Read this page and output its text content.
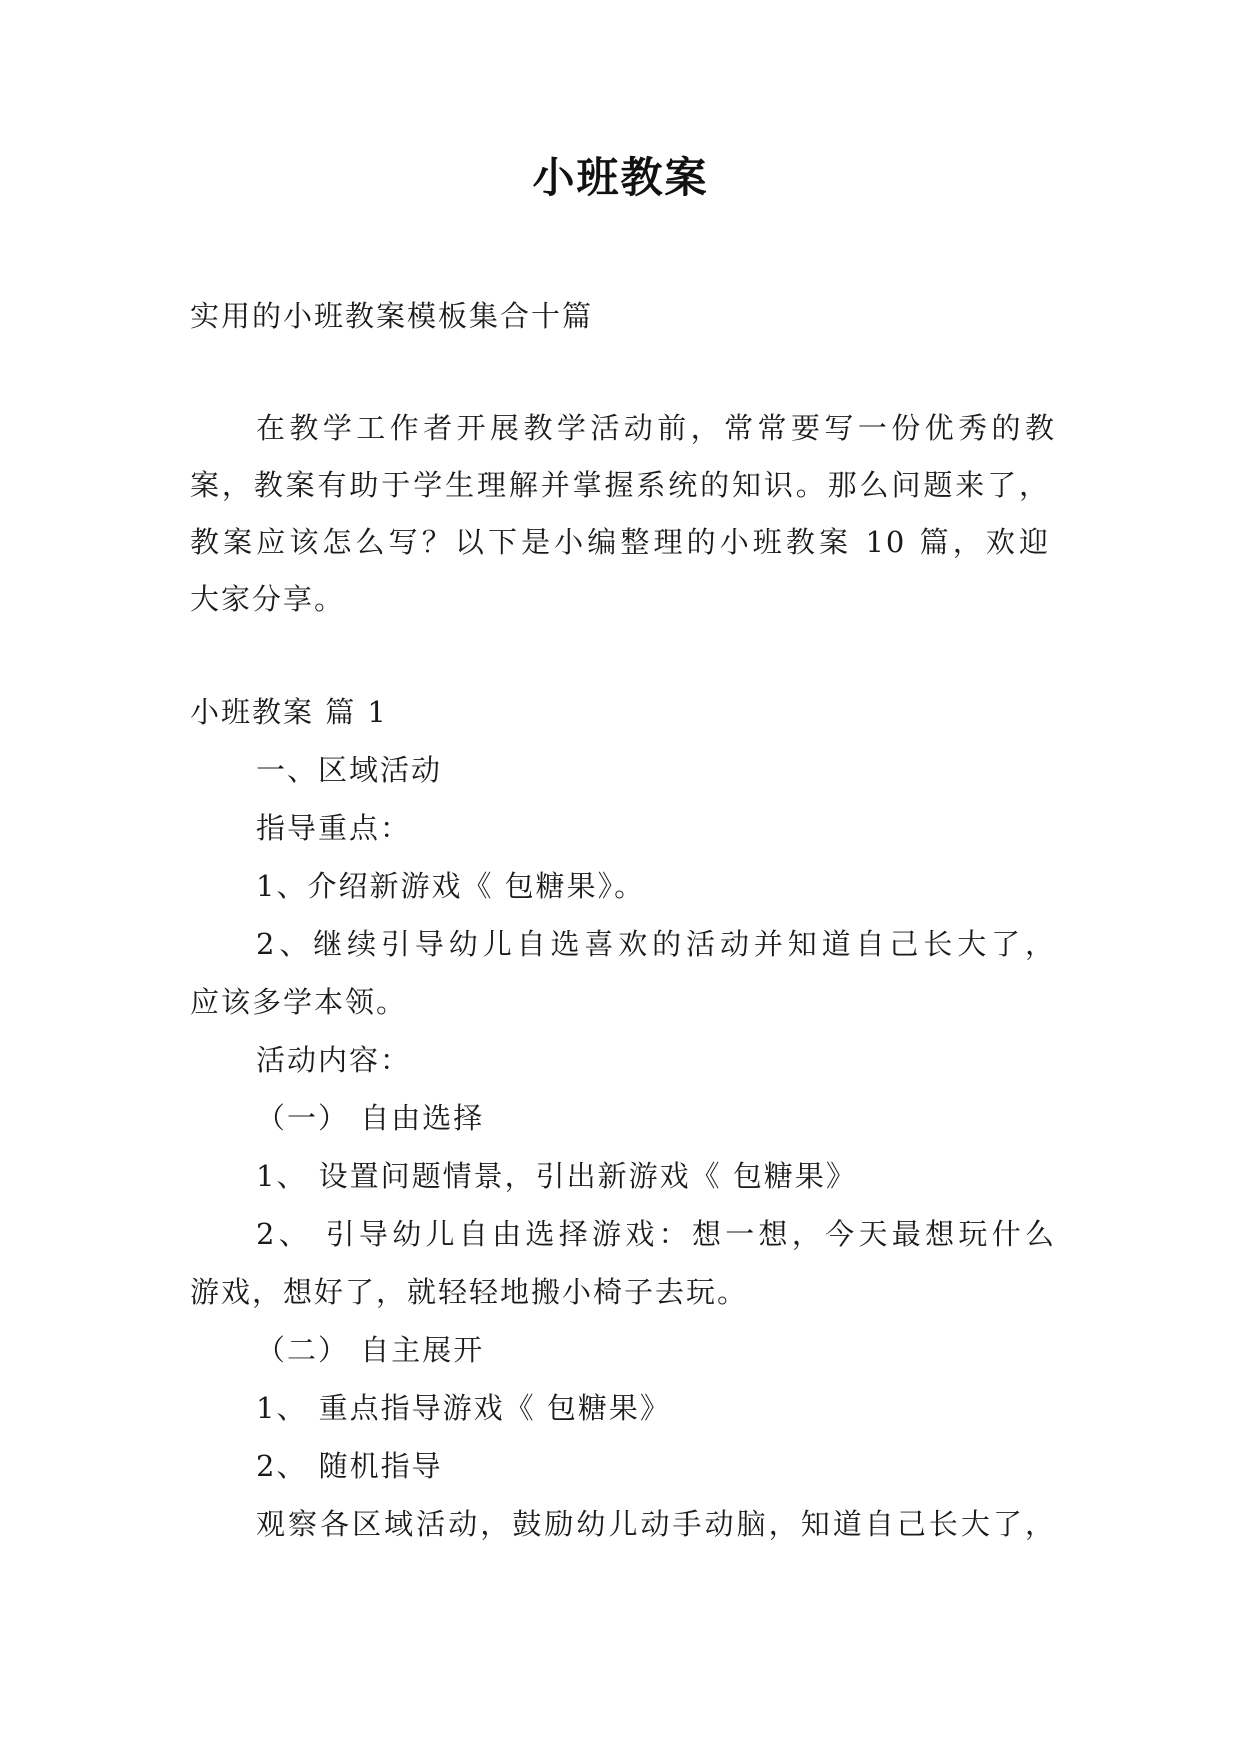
小班教案
实用的小班教案模板集合十篇
在教学工作者开展教学活动前，常常要写一份优秀的教
案，教案有助于学生理解并掌握系统的知识。那么问题来了，
教案应该怎么写？以下是小编整理的小班教案 10 篇，欢迎
大家分享。
小班教案 篇 1
一、区域活动
指导重点：
1、介绍新游戏《 包糖果》。
2、继续引导幼儿自选喜欢的活动并知道自己长大了，
应该多学本领。
活动内容：
（一） 自由选择
1、 设置问题情景，引出新游戏《 包糖果》
2、 引导幼儿自由选择游戏：想一想，今天最想玩什么
游戏，想好了，就轻轻地搬小椅子去玩。
（二） 自主展开
1、 重点指导游戏《 包糖果》
2、 随机指导
观察各区域活动，鼓励幼儿动手动脑，知道自己长大了，
